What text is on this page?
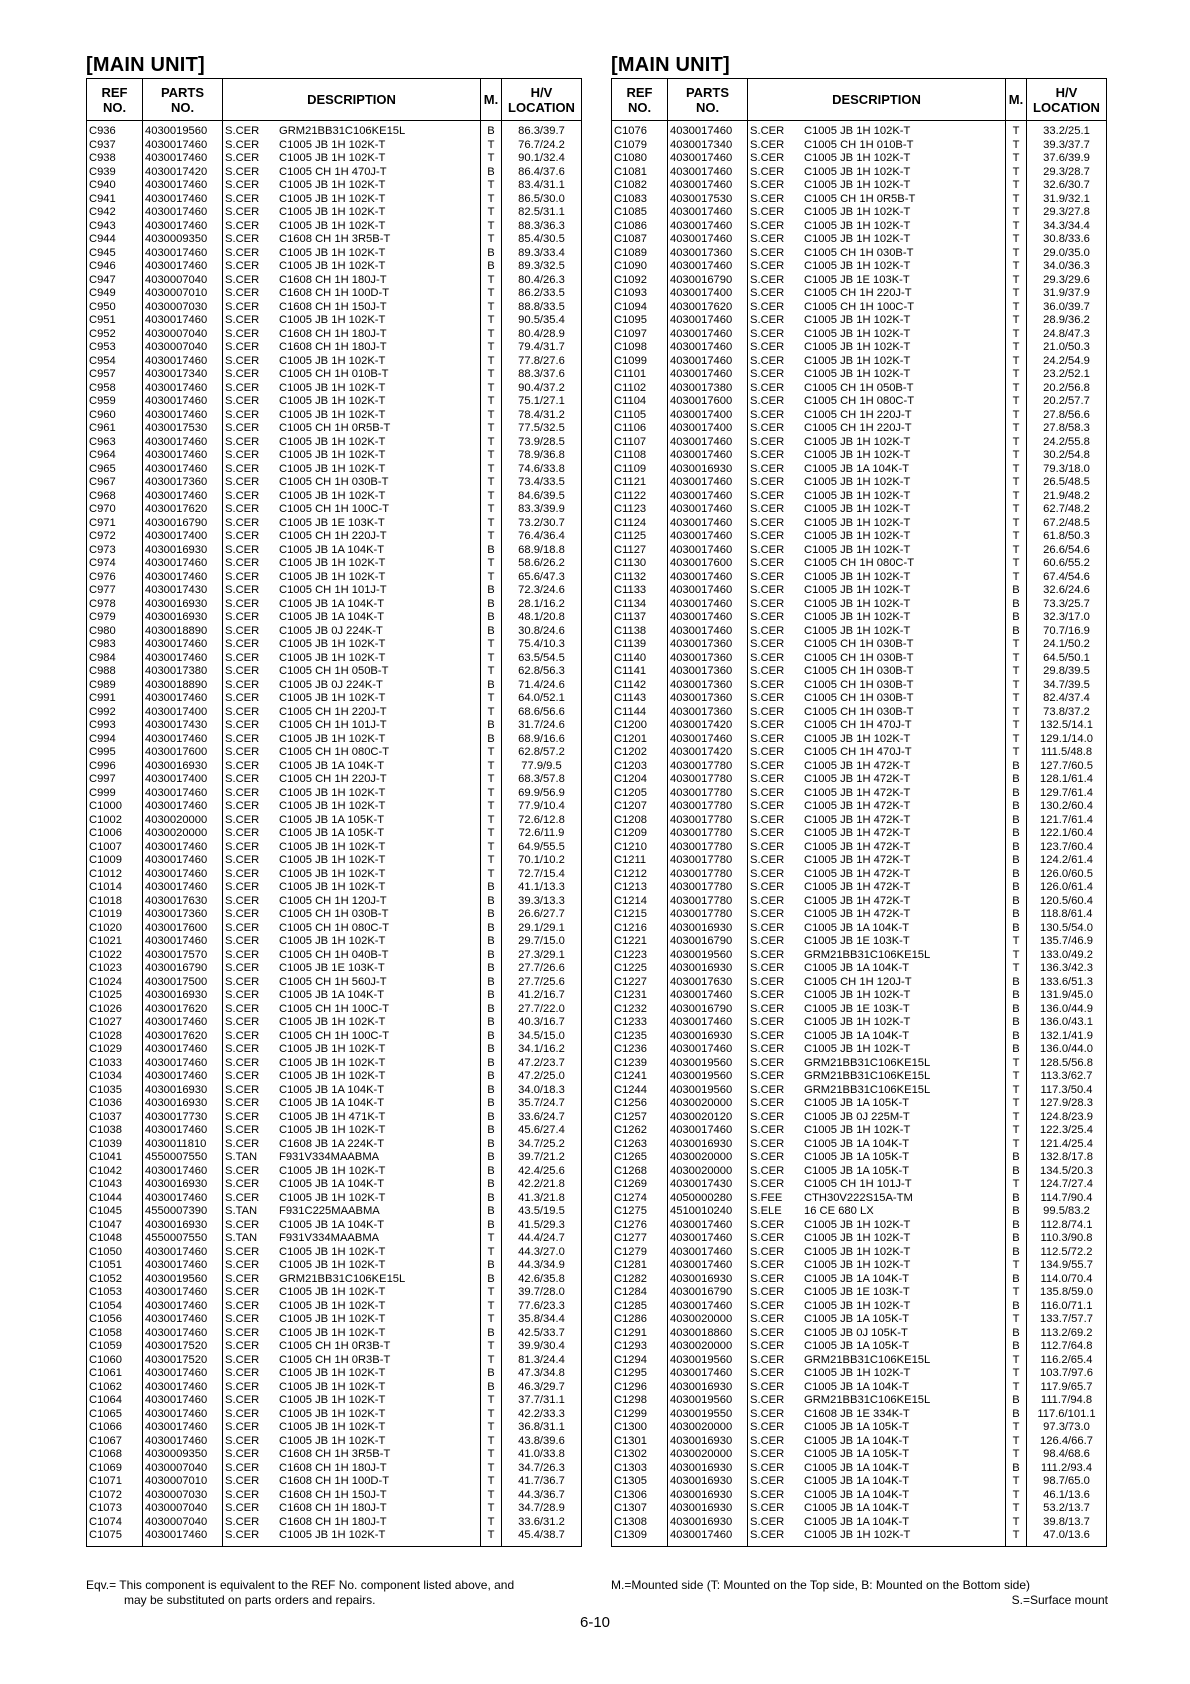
[MAIN UNIT]
REF
NO.	PARTS
NO.	DESCRIPTION	M.	H/V
LOCATION
C936	4030019560	S.CER GRM21BB31C106KE15L	B	86.3/39.7
C937	4030017460	S.CER C1005 JB 1H 102K-T	T	76.7/24.2
C938	4030017460	S.CER C1005 JB 1H 102K-T	T	90.1/32.4
C939	4030017420	S.CER C1005 CH 1H 470J-T	B	86.4/37.6
C940	4030017460	S.CER C1005 JB 1H 102K-T	T	83.4/31.1
C941	4030017460	S.CER C1005 JB 1H 102K-T	T	86.5/30.0
C942	4030017460	S.CER C1005 JB 1H 102K-T	T	82.5/31.1
C943	4030017460	S.CER C1005 JB 1H 102K-T	T	88.3/36.3
C944	4030009350	S.CER C1608 CH 1H 3R5B-T	T	85.4/30.5
C945	4030017460	S.CER C1005 JB 1H 102K-T	B	89.3/33.4
C946	4030017460	S.CER C1005 JB 1H 102K-T	B	89.3/32.5
C947	4030007040	S.CER C1608 CH 1H 180J-T	T	80.4/26.3
C949	4030007010	S.CER C1608 CH 1H 100D-T	T	86.2/33.5
C950	4030007030	S.CER C1608 CH 1H 150J-T	T	88.8/33.5
C951	4030017460	S.CER C1005 JB 1H 102K-T	T	90.5/35.4
C952	4030007040	S.CER C1608 CH 1H 180J-T	T	80.4/28.9
C953	4030007040	S.CER C1608 CH 1H 180J-T	T	79.4/31.7
C954	4030017460	S.CER C1005 JB 1H 102K-T	T	77.8/27.6
C957	4030017340	S.CER C1005 CH 1H 010B-T	T	88.3/37.6
C958	4030017460	S.CER C1005 JB 1H 102K-T	T	90.4/37.2
C959	4030017460	S.CER C1005 JB 1H 102K-T	T	75.1/27.1
C960	4030017460	S.CER C1005 JB 1H 102K-T	T	78.4/31.2
C961	4030017530	S.CER C1005 CH 1H 0R5B-T	T	77.5/32.5
C963	4030017460	S.CER C1005 JB 1H 102K-T	T	73.9/28.5
C964	4030017460	S.CER C1005 JB 1H 102K-T	T	78.9/36.8
C965	4030017460	S.CER C1005 JB 1H 102K-T	T	74.6/33.8
C967	4030017360	S.CER C1005 CH 1H 030B-T	T	73.4/33.5
C968	4030017460	S.CER C1005 JB 1H 102K-T	T	84.6/39.5
C970	4030017620	S.CER C1005 CH 1H 100C-T	T	83.3/39.9
C971	4030016790	S.CER C1005 JB 1E 103K-T	T	73.2/30.7
C972	4030017400	S.CER C1005 CH 1H 220J-T	T	76.4/36.4
C973	4030016930	S.CER C1005 JB 1A 104K-T	B	68.9/18.8
C974	4030017460	S.CER C1005 JB 1H 102K-T	T	58.6/26.2
C976	4030017460	S.CER C1005 JB 1H 102K-T	T	65.6/47.3
C977	4030017430	S.CER C1005 CH 1H 101J-T	B	72.3/24.6
C978	4030016930	S.CER C1005 JB 1A 104K-T	B	28.1/16.2
C979	4030016930	S.CER C1005 JB 1A 104K-T	B	48.1/20.8
C980	4030018890	S.CER C1005 JB 0J 224K-T	B	30.8/24.6
C983	4030017460	S.CER C1005 JB 1H 102K-T	T	75.4/10.3
C984	4030017460	S.CER C1005 JB 1H 102K-T	T	63.5/54.5
C988	4030017380	S.CER C1005 CH 1H 050B-T	T	62.8/56.3
C989	4030018890	S.CER C1005 JB 0J 224K-T	B	71.4/24.6
C991	4030017460	S.CER C1005 JB 1H 102K-T	T	64.0/52.1
C992	4030017400	S.CER C1005 CH 1H 220J-T	T	68.6/56.6
C993	4030017430	S.CER C1005 CH 1H 101J-T	B	31.7/24.6
C994	4030017460	S.CER C1005 JB 1H 102K-T	B	68.9/16.6
C995	4030017600	S.CER C1005 CH 1H 080C-T	T	62.8/57.2
C996	4030016930	S.CER C1005 JB 1A 104K-T	T	77.9/9.5
C997	4030017400	S.CER C1005 CH 1H 220J-T	T	68.3/57.8
C999	4030017460	S.CER C1005 JB 1H 102K-T	T	69.9/56.9
C1000	4030017460	S.CER C1005 JB 1H 102K-T	T	77.9/10.4
C1002	4030020000	S.CER C1005 JB 1A 105K-T	T	72.6/12.8
C1006	4030020000	S.CER C1005 JB 1A 105K-T	T	72.6/11.9
C1007	4030017460	S.CER C1005 JB 1H 102K-T	T	64.9/55.5
C1009	4030017460	S.CER C1005 JB 1H 102K-T	T	70.1/10.2
C1012	4030017460	S.CER C1005 JB 1H 102K-T	T	72.7/15.4
C1014	4030017460	S.CER C1005 JB 1H 102K-T	B	41.1/13.3
C1018	4030017630	S.CER C1005 CH 1H 120J-T	B	39.3/13.3
C1019	4030017360	S.CER C1005 CH 1H 030B-T	B	26.6/27.7
C1020	4030017600	S.CER C1005 CH 1H 080C-T	B	29.1/29.1
C1021	4030017460	S.CER C1005 JB 1H 102K-T	B	29.7/15.0
C1022	4030017570	S.CER C1005 CH 1H 040B-T	B	27.3/29.1
C1023	4030016790	S.CER C1005 JB 1E 103K-T	B	27.7/26.6
C1024	4030017500	S.CER C1005 CH 1H 560J-T	B	27.7/25.6
C1025	4030016930	S.CER C1005 JB 1A 104K-T	B	41.2/16.7
C1026	4030017620	S.CER C1005 CH 1H 100C-T	B	27.7/22.0
C1027	4030017460	S.CER C1005 JB 1H 102K-T	B	40.3/16.7
C1028	4030017620	S.CER C1005 CH 1H 100C-T	B	34.5/15.0
C1029	4030017460	S.CER C1005 JB 1H 102K-T	B	34.1/16.2
C1033	4030017460	S.CER C1005 JB 1H 102K-T	B	47.2/23.7
C1034	4030017460	S.CER C1005 JB 1H 102K-T	B	47.2/25.0
C1035	4030016930	S.CER C1005 JB 1A 104K-T	B	34.0/18.3
C1036	4030016930	S.CER C1005 JB 1A 104K-T	B	35.7/24.7
C1037	4030017730	S.CER C1005 JB 1H 471K-T	B	33.6/24.7
C1038	4030017460	S.CER C1005 JB 1H 102K-T	B	45.6/27.4
C1039	4030011810	S.CER C1608 JB 1A 224K-T	B	34.7/25.2
C1041	4550007550	S.TAN F931V334MAABMA	B	39.7/21.2
C1042	4030017460	S.CER C1005 JB 1H 102K-T	B	42.4/25.6
C1043	4030016930	S.CER C1005 JB 1A 104K-T	B	42.2/21.8
C1044	4030017460	S.CER C1005 JB 1H 102K-T	B	41.3/21.8
C1045	4550007390	S.TAN F931C225MAABMA	B	43.5/19.5
C1047	4030016930	S.CER C1005 JB 1A 104K-T	B	41.5/29.3
C1048	4550007550	S.TAN F931V334MAABMA	T	44.4/24.7
C1050	4030017460	S.CER C1005 JB 1H 102K-T	T	44.3/27.0
C1051	4030017460	S.CER C1005 JB 1H 102K-T	B	44.3/34.9
C1052	4030019560	S.CER GRM21BB31C106KE15L	B	42.6/35.8
C1053	4030017460	S.CER C1005 JB 1H 102K-T	T	39.7/28.0
C1054	4030017460	S.CER C1005 JB 1H 102K-T	T	77.6/23.3
C1056	4030017460	S.CER C1005 JB 1H 102K-T	T	35.8/34.4
C1058	4030017460	S.CER C1005 JB 1H 102K-T	B	42.5/33.7
C1059	4030017520	S.CER C1005 CH 1H 0R3B-T	T	39.9/30.4
C1060	4030017520	S.CER C1005 CH 1H 0R3B-T	T	81.3/24.4
C1061	4030017460	S.CER C1005 JB 1H 102K-T	B	47.3/34.8
C1062	4030017460	S.CER C1005 JB 1H 102K-T	B	46.3/29.7
C1064	4030017460	S.CER C1005 JB 1H 102K-T	T	37.7/31.1
C1065	4030017460	S.CER C1005 JB 1H 102K-T	T	42.2/33.3
C1066	4030017460	S.CER C1005 JB 1H 102K-T	T	36.8/31.1
C1067	4030017460	S.CER C1005 JB 1H 102K-T	T	43.8/39.6
C1068	4030009350	S.CER C1608 CH 1H 3R5B-T	T	41.0/33.8
C1069	4030007040	S.CER C1608 CH 1H 180J-T	T	34.7/26.3
C1071	4030007010	S.CER C1608 CH 1H 100D-T	T	41.7/36.7
C1072	4030007030	S.CER C1608 CH 1H 150J-T	T	44.3/36.7
C1073	4030007040	S.CER C1608 CH 1H 180J-T	T	34.7/28.9
C1074	4030007040	S.CER C1608 CH 1H 180J-T	T	33.6/31.2
C1075	4030017460	S.CER C1005 JB 1H 102K-T	T	45.4/38.7
[MAIN UNIT]
REF
NO.	PARTS
NO.	DESCRIPTION	M.	H/V
LOCATION
C1076	4030017460	S.CER C1005 JB 1H 102K-T	T	33.2/25.1
C1079	4030017340	S.CER C1005 CH 1H 010B-T	T	39.3/37.7
C1080	4030017460	S.CER C1005 JB 1H 102K-T	T	37.6/39.9
C1081	4030017460	S.CER C1005 JB 1H 102K-T	T	29.3/28.7
C1082	4030017460	S.CER C1005 JB 1H 102K-T	T	32.6/30.7
C1083	4030017530	S.CER C1005 CH 1H 0R5B-T	T	31.9/32.1
C1085	4030017460	S.CER C1005 JB 1H 102K-T	T	29.3/27.8
C1086	4030017460	S.CER C1005 JB 1H 102K-T	T	34.3/34.4
C1087	4030017460	S.CER C1005 JB 1H 102K-T	T	30.8/33.6
C1089	4030017360	S.CER C1005 CH 1H 030B-T	T	29.0/35.0
C1090	4030017460	S.CER C1005 JB 1H 102K-T	T	34.0/36.3
C1092	4030016790	S.CER C1005 JB 1E 103K-T	T	29.3/29.6
C1093	4030017400	S.CER C1005 CH 1H 220J-T	T	31.9/37.9
C1094	4030017620	S.CER C1005 CH 1H 100C-T	T	36.0/39.7
C1095	4030017460	S.CER C1005 JB 1H 102K-T	T	28.9/36.2
C1097	4030017460	S.CER C1005 JB 1H 102K-T	T	24.8/47.3
C1098	4030017460	S.CER C1005 JB 1H 102K-T	T	21.0/50.3
C1099	4030017460	S.CER C1005 JB 1H 102K-T	T	24.2/54.9
C1101	4030017460	S.CER C1005 JB 1H 102K-T	T	23.2/52.1
C1102	4030017380	S.CER C1005 CH 1H 050B-T	T	20.2/56.8
C1104	4030017600	S.CER C1005 CH 1H 080C-T	T	20.2/57.7
C1105	4030017400	S.CER C1005 CH 1H 220J-T	T	27.8/56.6
C1106	4030017400	S.CER C1005 CH 1H 220J-T	T	27.8/58.3
C1107	4030017460	S.CER C1005 JB 1H 102K-T	T	24.2/55.8
C1108	4030017460	S.CER C1005 JB 1H 102K-T	T	30.2/54.8
C1109	4030016930	S.CER C1005 JB 1A 104K-T	T	79.3/18.0
C1121	4030017460	S.CER C1005 JB 1H 102K-T	T	26.5/48.5
C1122	4030017460	S.CER C1005 JB 1H 102K-T	T	21.9/48.2
C1123	4030017460	S.CER C1005 JB 1H 102K-T	T	62.7/48.2
C1124	4030017460	S.CER C1005 JB 1H 102K-T	T	67.2/48.5
C1125	4030017460	S.CER C1005 JB 1H 102K-T	T	61.8/50.3
C1127	4030017460	S.CER C1005 JB 1H 102K-T	T	26.6/54.6
C1130	4030017600	S.CER C1005 CH 1H 080C-T	T	60.6/55.2
C1132	4030017460	S.CER C1005 JB 1H 102K-T	T	67.4/54.6
C1133	4030017460	S.CER C1005 JB 1H 102K-T	B	32.6/24.6
C1134	4030017460	S.CER C1005 JB 1H 102K-T	B	73.3/25.7
C1137	4030017460	S.CER C1005 JB 1H 102K-T	B	32.3/17.0
C1138	4030017460	S.CER C1005 JB 1H 102K-T	B	70.7/16.9
C1139	4030017360	S.CER C1005 CH 1H 030B-T	T	24.1/50.2
C1140	4030017360	S.CER C1005 CH 1H 030B-T	T	64.5/50.1
C1141	4030017360	S.CER C1005 CH 1H 030B-T	T	29.8/39.5
C1142	4030017360	S.CER C1005 CH 1H 030B-T	T	34.7/39.5
C1143	4030017360	S.CER C1005 CH 1H 030B-T	T	82.4/37.4
C1144	4030017360	S.CER C1005 CH 1H 030B-T	T	73.8/37.2
C1200	4030017420	S.CER C1005 CH 1H 470J-T	T	132.5/14.1
C1201	4030017460	S.CER C1005 JB 1H 102K-T	T	129.1/14.0
C1202	4030017420	S.CER C1005 CH 1H 470J-T	T	111.5/48.8
C1203	4030017780	S.CER C1005 JB 1H 472K-T	B	127.7/60.5
C1204	4030017780	S.CER C1005 JB 1H 472K-T	B	128.1/61.4
C1205	4030017780	S.CER C1005 JB 1H 472K-T	B	129.7/61.4
C1207	4030017780	S.CER C1005 JB 1H 472K-T	B	130.2/60.4
C1208	4030017780	S.CER C1005 JB 1H 472K-T	B	121.7/61.4
C1209	4030017780	S.CER C1005 JB 1H 472K-T	B	122.1/60.4
C1210	4030017780	S.CER C1005 JB 1H 472K-T	B	123.7/60.4
C1211	4030017780	S.CER C1005 JB 1H 472K-T	B	124.2/61.4
C1212	4030017780	S.CER C1005 JB 1H 472K-T	B	126.0/60.5
C1213	4030017780	S.CER C1005 JB 1H 472K-T	B	126.0/61.4
C1214	4030017780	S.CER C1005 JB 1H 472K-T	B	120.5/60.4
C1215	4030017780	S.CER C1005 JB 1H 472K-T	B	118.8/61.4
C1216	4030016930	S.CER C1005 JB 1A 104K-T	B	130.5/54.0
C1221	4030016790	S.CER C1005 JB 1E 103K-T	T	135.7/46.9
C1223	4030019560	S.CER GRM21BB31C106KE15L	T	133.0/49.2
C1225	4030016930	S.CER C1005 JB 1A 104K-T	T	136.3/42.3
C1227	4030017630	S.CER C1005 CH 1H 120J-T	B	133.6/51.3
C1231	4030017460	S.CER C1005 JB 1H 102K-T	B	131.9/45.0
C1232	4030016790	S.CER C1005 JB 1E 103K-T	B	136.0/44.9
C1233	4030017460	S.CER C1005 JB 1H 102K-T	B	136.0/43.1
C1235	4030016930	S.CER C1005 JB 1A 104K-T	B	132.1/41.9
C1236	4030017460	S.CER C1005 JB 1H 102K-T	B	136.0/44.0
C1239	4030019560	S.CER GRM21BB31C106KE15L	T	128.5/56.8
C1241	4030019560	S.CER GRM21BB31C106KE15L	T	113.3/62.7
C1244	4030019560	S.CER GRM21BB31C106KE15L	T	117.3/50.4
C1256	4030020000	S.CER C1005 JB 1A 105K-T	T	127.9/28.3
C1257	4030020120	S.CER C1005 JB 0J 225M-T	T	124.8/23.9
C1262	4030017460	S.CER C1005 JB 1H 102K-T	T	122.3/25.4
C1263	4030016930	S.CER C1005 JB 1A 104K-T	T	121.4/25.4
C1265	4030020000	S.CER C1005 JB 1A 105K-T	B	132.8/17.8
C1268	4030020000	S.CER C1005 JB 1A 105K-T	B	134.5/20.3
C1269	4030017430	S.CER C1005 CH 1H 101J-T	T	124.7/27.4
C1274	4050000280	S.FEE CTH30V222S15A-TM	B	114.7/90.4
C1275	4510010240	S.ELE 16 CE 680 LX	B	99.5/83.2
C1276	4030017460	S.CER C1005 JB 1H 102K-T	B	112.8/74.1
C1277	4030017460	S.CER C1005 JB 1H 102K-T	B	110.3/90.8
C1279	4030017460	S.CER C1005 JB 1H 102K-T	B	112.5/72.2
C1281	4030017460	S.CER C1005 JB 1H 102K-T	T	134.9/55.7
C1282	4030016930	S.CER C1005 JB 1A 104K-T	B	114.0/70.4
C1284	4030016790	S.CER C1005 JB 1E 103K-T	T	135.8/59.0
C1285	4030017460	S.CER C1005 JB 1H 102K-T	B	116.0/71.1
C1286	4030020000	S.CER C1005 JB 1A 105K-T	T	133.7/57.7
C1291	4030018860	S.CER C1005 JB 0J 105K-T	B	113.2/69.2
C1293	4030020000	S.CER C1005 JB 1A 105K-T	B	112.7/64.8
C1294	4030019560	S.CER GRM21BB31C106KE15L	T	116.2/65.4
C1295	4030017460	S.CER C1005 JB 1H 102K-T	T	103.7/97.6
C1296	4030016930	S.CER C1005 JB 1A 104K-T	T	117.9/65.7
C1298	4030019560	S.CER GRM21BB31C106KE15L	B	111.7/94.8
C1299	4030019550	S.CER C1608 JB 1E 334K-T	B	117.6/101.1
C1300	4030020000	S.CER C1005 JB 1A 105K-T	T	97.3/73.0
C1301	4030016930	S.CER C1005 JB 1A 104K-T	T	126.4/66.7
C1302	4030020000	S.CER C1005 JB 1A 105K-T	T	98.4/68.6
C1303	4030016930	S.CER C1005 JB 1A 104K-T	B	111.2/93.4
C1305	4030016930	S.CER C1005 JB 1A 104K-T	T	98.7/65.0
C1306	4030016930	S.CER C1005 JB 1A 104K-T	T	46.1/13.6
C1307	4030016930	S.CER C1005 JB 1A 104K-T	T	53.2/13.7
C1308	4030016930	S.CER C1005 JB 1A 104K-T	T	39.8/13.7
C1309	4030017460	S.CER C1005 JB 1H 102K-T	T	47.0/13.6
Eqv.= This component is equivalent to the REF No. component listed above, and
may be substituted on parts orders and repairs.
M.=Mounted side (T: Mounted on the Top side, B: Mounted on the Bottom side)
S.=Surface mount
6-10
